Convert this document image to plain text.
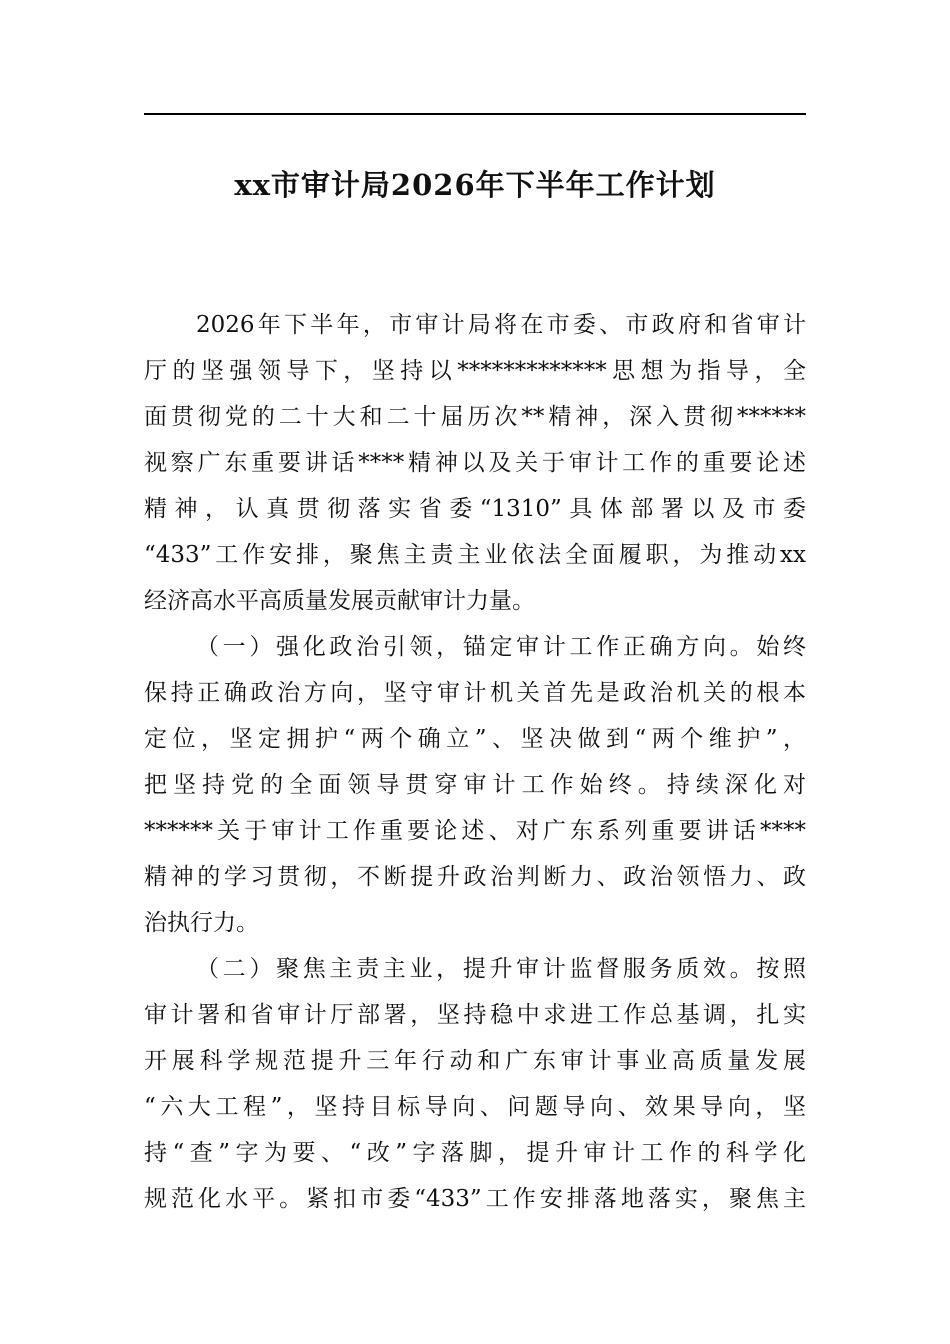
xx市审计局2026年下半年工作计划
2026年下半年，市审计局将在市委、市政府和省审计
厅的坚强领导下，坚持以*************思想为指导，全
面贯彻党的二十大和二十届历次**精神，深入贯彻******
视察广东重要讲话****精神以及关于审计工作的重要论述
精神，认真贯彻落实省委“1310”具体部署以及市委
“433”工作安排，聚焦主责主业依法全面履职，为推动xx
经济高水平高质量发展贡献审计力量。
（一）强化政治引领，锚定审计工作正确方向。始终
保持正确政治方向，坚守审计机关首先是政治机关的根本
定位，坚定拥护“两个确立”、坚决做到“两个维护”，
把坚持党的全面领导贯穿审计工作始终。持续深化对
******关于审计工作重要论述、对广东系列重要讲话****
精神的学习贯彻，不断提升政治判断力、政治领悟力、政
治执行力。
（二）聚焦主责主业，提升审计监督服务质效。按照
审计署和省审计厅部署，坚持稳中求进工作总基调，扎实
开展科学规范提升三年行动和广东审计事业高质量发展
“六大工程”，坚持目标导向、问题导向、效果导向，坚
持“查”字为要、“改”字落脚，提升审计工作的科学化
规范化水平。紧扣市委“433”工作安排落地落实，聚焦主
